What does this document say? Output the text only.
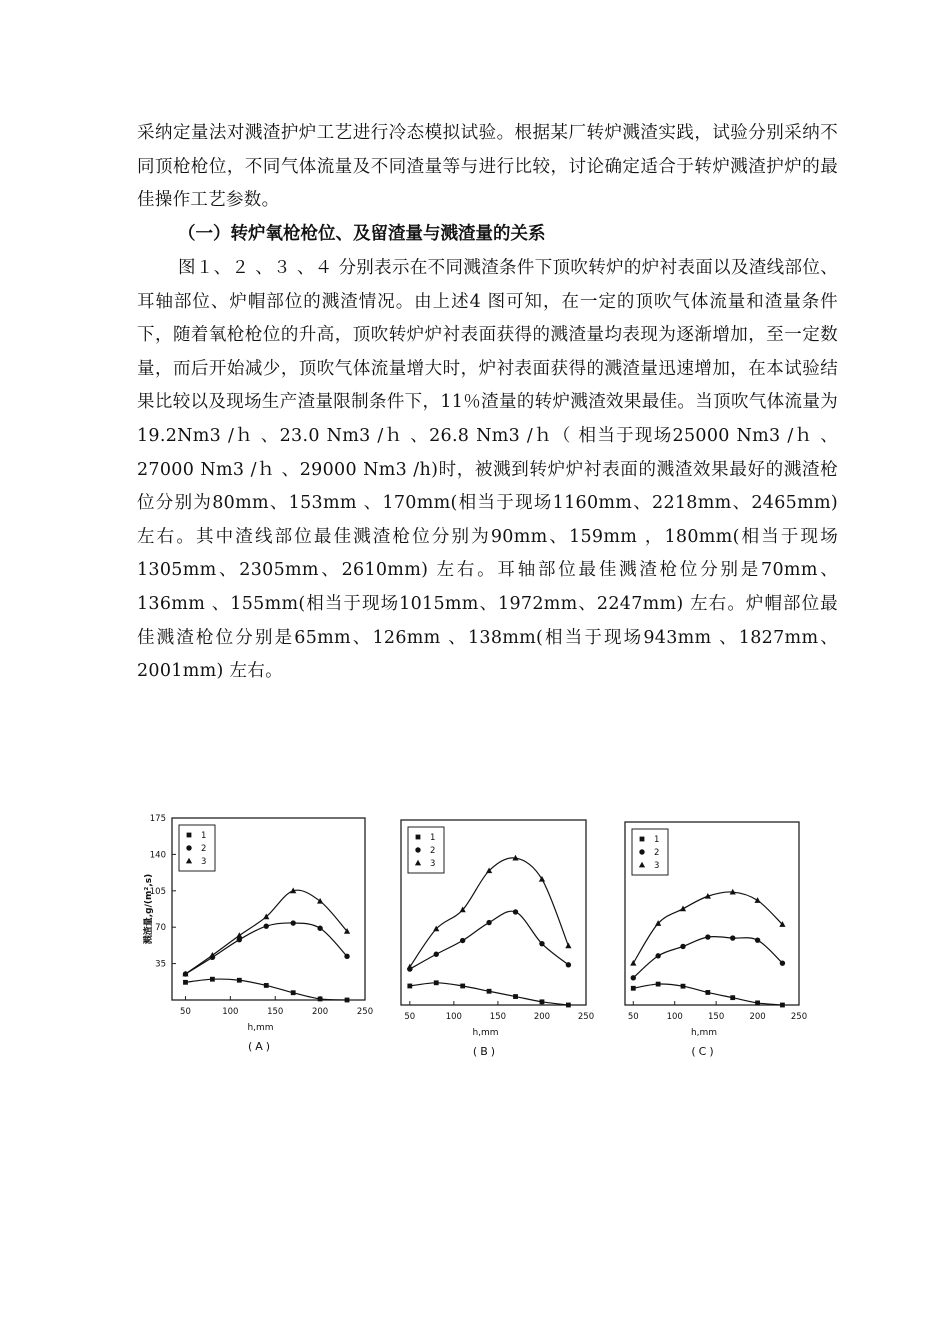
采纳定量法对溅渣护炉工艺进行冷态模拟试验。根据某厂转炉溅渣实践，试验分别采纳不同顶枪枪位，不同气体流量及不同渣量等与进行比较，讨论确定适合于转炉溅渣护炉的最佳操作工艺参数。

（一）转炉氧枪枪位、及留渣量与溅渣量的关系

图１、２ 、３ 、４ 分别表示在不同溅渣条件下顶吹转炉的炉衬表面以及渣线部位、耳轴部位、炉帽部位的溅渣情况。由上述4 图可知，在一定的顶吹气体流量和渣量条件下，随着氧枪枪位的升高，顶吹转炉炉衬表面获得的溅渣量均表现为逐渐增加，至一定数量，而后开始减少，顶吹气体流量增大时，炉衬表面获得的溅渣量迅速增加，在本试验结果比较以及现场生产渣量限制条件下，11％渣量的转炉溅渣效果最佳。当顶吹气体流量为19.2Nm3 /ｈ 、23.0 Nm3 /ｈ 、26.8 Nm3 /ｈ（ 相当于现场25000 Nm3 /ｈ 、27000 Nm3 /ｈ 、29000 Nm3 /h)时，被溅到转炉炉衬表面的溅渣效果最好的溅渣枪位分别为80mm、153mm 、170mm(相当于现场1160mm、2218mm、2465mm) 左右。其中渣线部位最佳溅渣枪位分别为90mm、159mm ，180mm(相当于现场1305mm、2305mm、2610mm) 左右。耳轴部位最佳溅渣枪位分别是70mm、136mm 、155mm(相当于现场1015mm、1972mm、2247mm) 左右。炉帽部位最佳溅渣枪位分别是65mm、126mm 、138mm(相当于现场943mm 、1827mm、2001mm) 左右。

50	100	150	200	250
35
70
105
140
175
h,mm
溅渣量,g/(m²,s)
(A)
1
2
3
50	100	150	200	250
h,mm
(B)
1
2
3
50	100	150	200	250
h,mm
(C)
1
2
3
